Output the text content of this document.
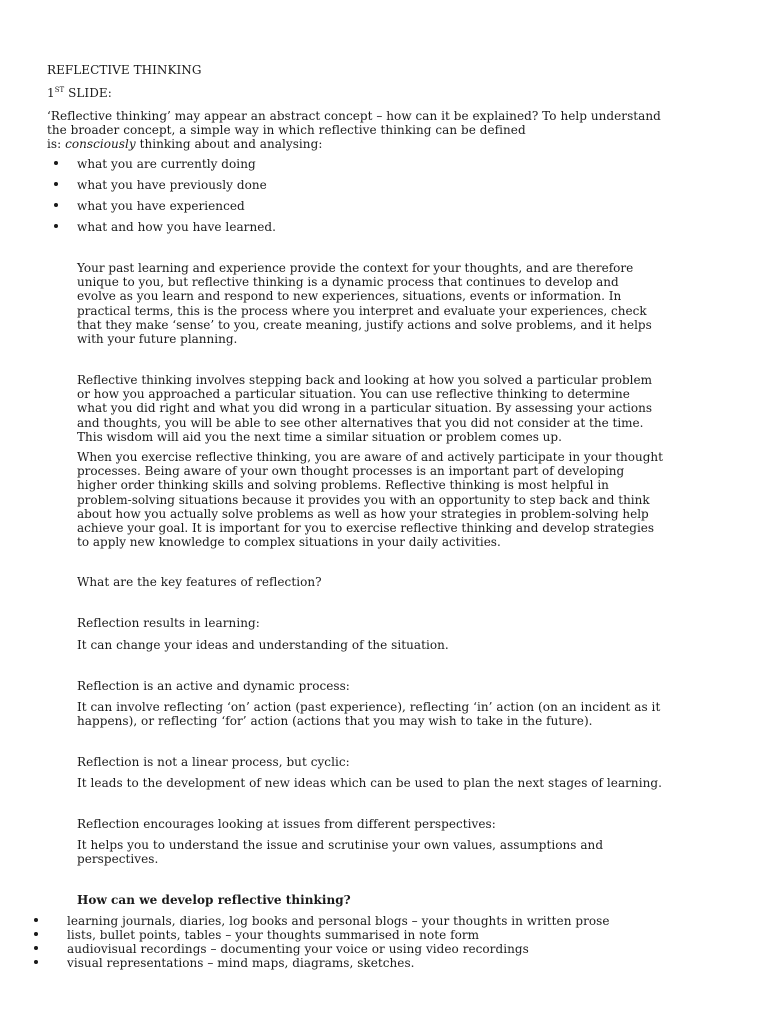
REFLECTIVE THINKING
1ST SLIDE:
‘Reflective thinking’ may appear an abstract concept – how can it be explained? To help understand
the broader concept, a simple way in which reflective thinking can be defined
is: consciously thinking about and analysing:
what you are currently doing
what you have previously done
what you have experienced
what and how you have learned.
Your past learning and experience provide the context for your thoughts, and are therefore
unique to you, but reflective thinking is a dynamic process that continues to develop and
evolve as you learn and respond to new experiences, situations, events or information. In
practical terms, this is the process where you interpret and evaluate your experiences, check
that they make ‘sense’ to you, create meaning, justify actions and solve problems, and it helps
with your future planning.
Reflective thinking involves stepping back and looking at how you solved a particular problem
or how you approached a particular situation. You can use reflective thinking to determine
what you did right and what you did wrong in a particular situation. By assessing your actions
and thoughts, you will be able to see other alternatives that you did not consider at the time.
This wisdom will aid you the next time a similar situation or problem comes up.
When you exercise reflective thinking, you are aware of and actively participate in your thought
processes. Being aware of your own thought processes is an important part of developing
higher order thinking skills and solving problems. Reflective thinking is most helpful in
problem-solving situations because it provides you with an opportunity to step back and think
about how you actually solve problems as well as how your strategies in problem-solving help
achieve your goal. It is important for you to exercise reflective thinking and develop strategies
to apply new knowledge to complex situations in your daily activities.
What are the key features of reflection?
Reflection results in learning:
It can change your ideas and understanding of the situation.
Reflection is an active and dynamic process:
It can involve reflecting ‘on’ action (past experience), reflecting ‘in’ action (on an incident as it
happens), or reflecting ‘for’ action (actions that you may wish to take in the future).
Reflection is not a linear process, but cyclic:
It leads to the development of new ideas which can be used to plan the next stages of learning.
Reflection encourages looking at issues from different perspectives:
It helps you to understand the issue and scrutinise your own values, assumptions and
perspectives.
How can we develop reflective thinking?
learning journals, diaries, log books and personal blogs – your thoughts in written prose
lists, bullet points, tables – your thoughts summarised in note form
audiovisual recordings – documenting your voice or using video recordings
visual representations – mind maps, diagrams, sketches.
